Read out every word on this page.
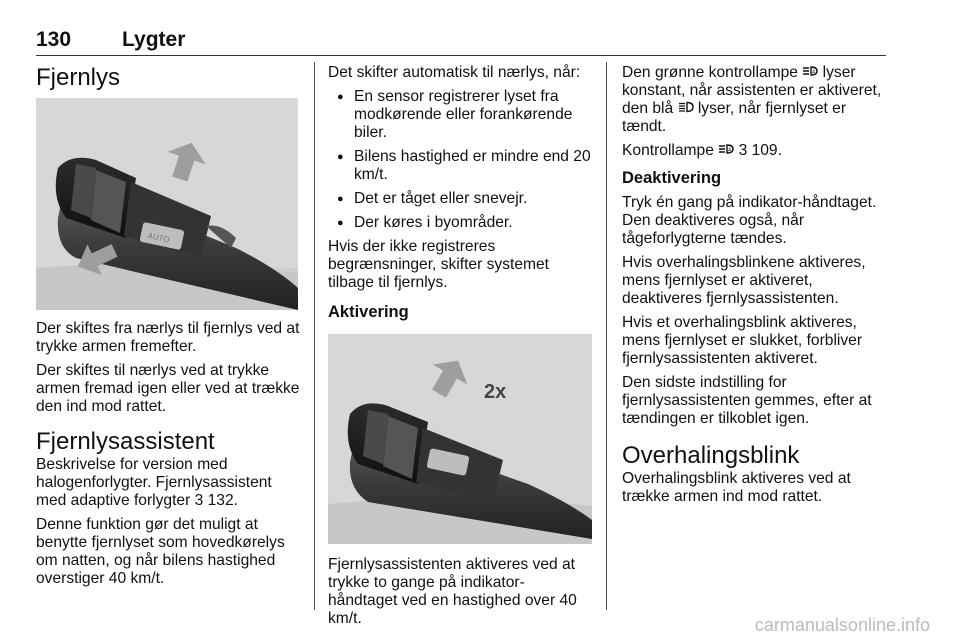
130 Lygter
Fjernlys
AUTO

Der skiftes fra nærlys til fjernlys ved at trykke armen fremefter.

Der skiftes til nærlys ved at trykke armen fremad igen eller ved at trække den ind mod rattet.

Fjernlysassistent

Beskrivelse for version med halogenforlygter. Fjernlysassistent med adaptive forlygter 3 132.

Denne funktion gør det muligt at benytte fjernlyset som hovedkørelys om natten, og når bilens hastighed overstiger 40 km/t.

Det skifter automatisk til nærlys, når:

● En sensor registrerer lyset fra modkørende eller forankørende biler.
● Bilens hastighed er mindre end 20 km/t.
● Det er tåget eller snevejr.
● Der køres i byområder.

Hvis der ikke registreres begrænsninger, skifter systemet tilbage til fjernlys.

Aktivering
2x

Fjernlysassistenten aktiveres ved at trykke to gange på indikator-håndtaget ved en hastighed over 40 km/t.

Den grønne kontrollampe A lyser konstant, når assistenten er aktiveret, den blå  lyser, når fjernlyset er tændt.

Kontrollampe A 3 109.

Deaktivering

Tryk én gang på indikator-håndtaget. Den deaktiveres også, når tågeforlygterne tændes.

Hvis overhalingsblinkene aktiveres, mens fjernlyset er aktiveret, deaktiveres fjernlysassistenten.

Hvis et overhalingsblink aktiveres, mens fjernlyset er slukket, forbliver fjernlysassistenten aktiveret.

Den sidste indstilling for fjernlysassistenten gemmes, efter at tændingen er tilkoblet igen.

Overhalingsblink

Overhalingsblink aktiveres ved at trække armen ind mod rattet.

carmanualsonline.info
